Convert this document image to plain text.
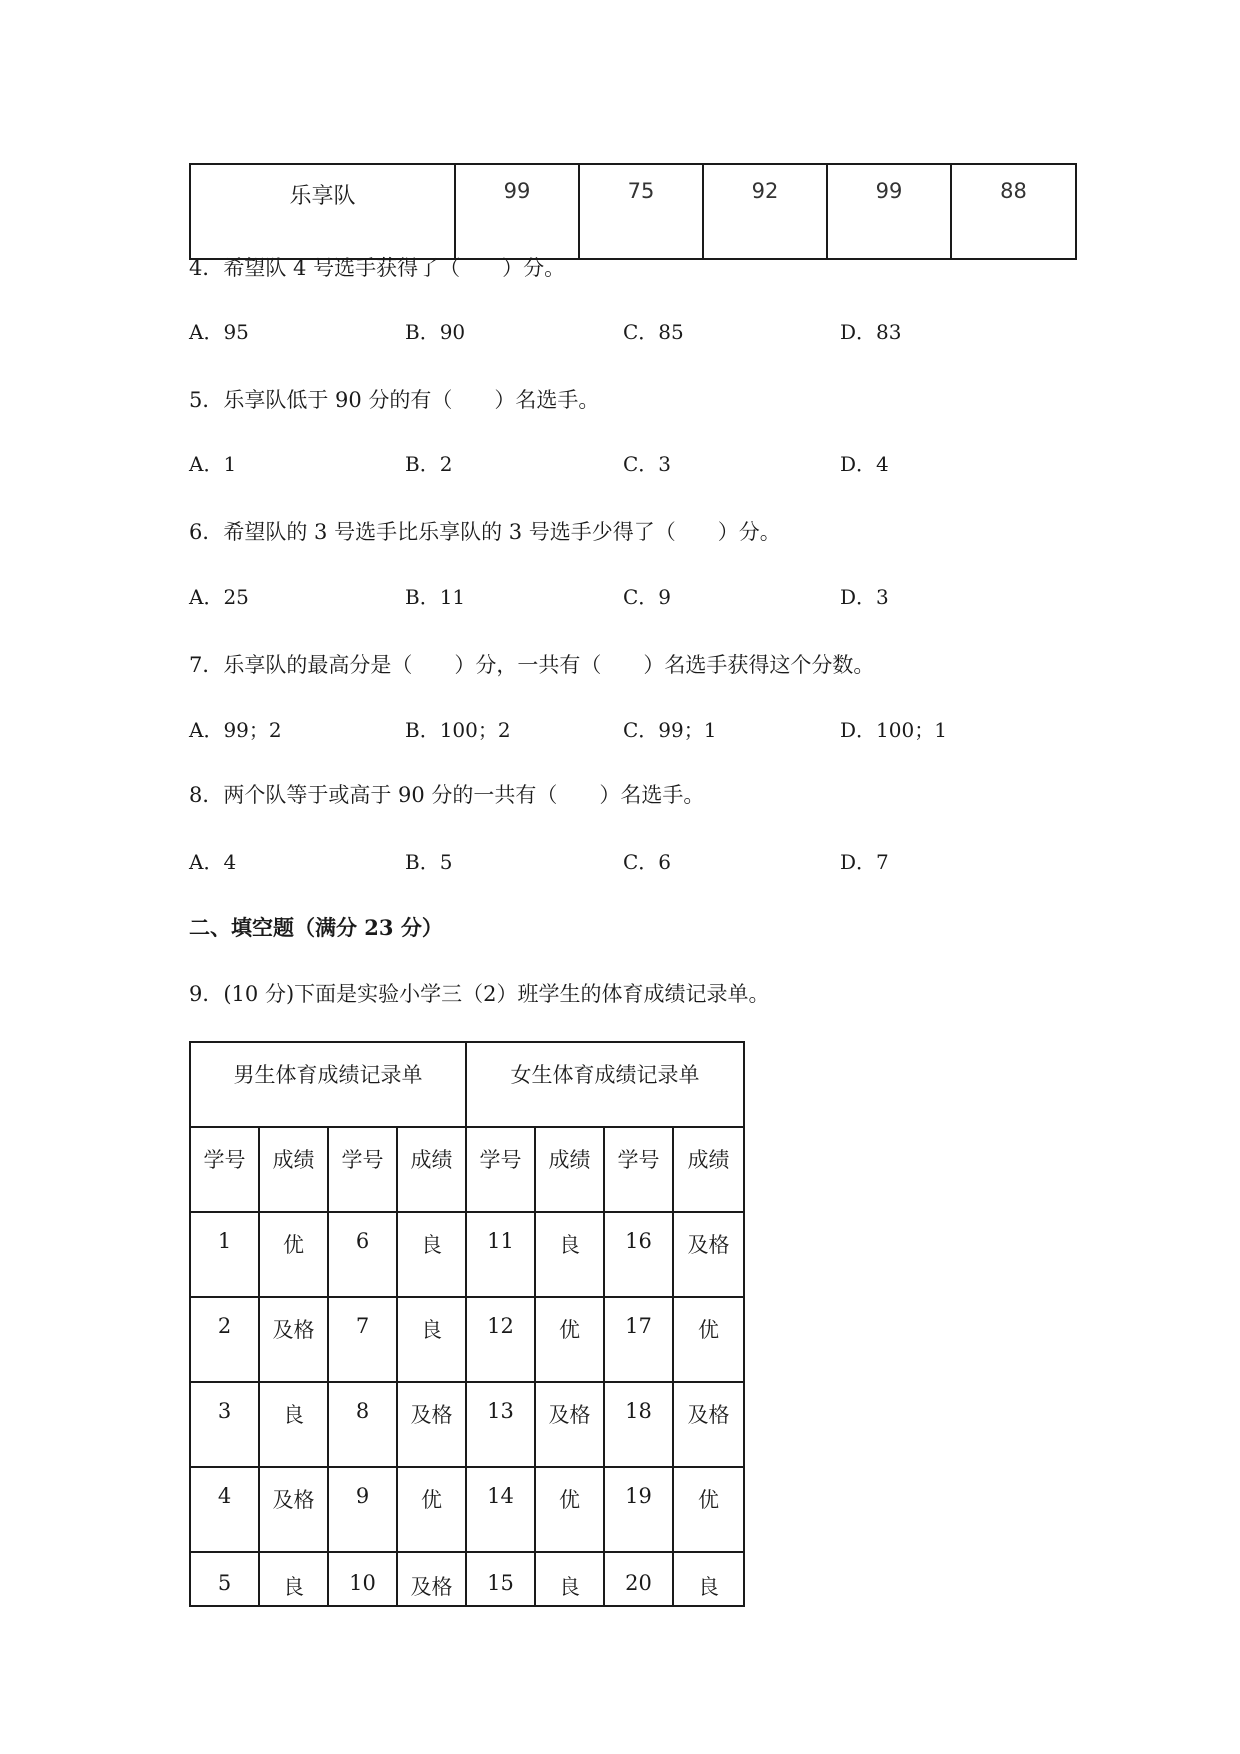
乐享队	99	75	92	99	88
4．希望队 4 号选手获得了（　　）分。
A．95	B．90	C．85	D．83
5．乐享队低于 90 分的有（　　）名选手。
A．1	B．2	C．3	D．4
6．希望队的 3 号选手比乐享队的 3 号选手少得了（　　）分。
A．25	B．11	C．9	D．3
7．乐享队的最高分是（　　）分，一共有（　　）名选手获得这个分数。
A．99；2	B．100；2	C．99；1	D．100；1
8．两个队等于或高于 90 分的一共有（　　）名选手。
A．4	B．5	C．6	D．7
二、填空题（满分 23 分）
9．(10 分)下面是实验小学三（2）班学生的体育成绩记录单。
男生体育成绩记录单				女生体育成绩记录单			
学号	成绩	学号	成绩	学号	成绩	学号	成绩
1	优	6	良	11	良	16	及格
2	及格	7	良	12	优	17	优
3	良	8	及格	13	及格	18	及格
4	及格	9	优	14	优	19	优
5	良	10	及格	15	良	20	良
